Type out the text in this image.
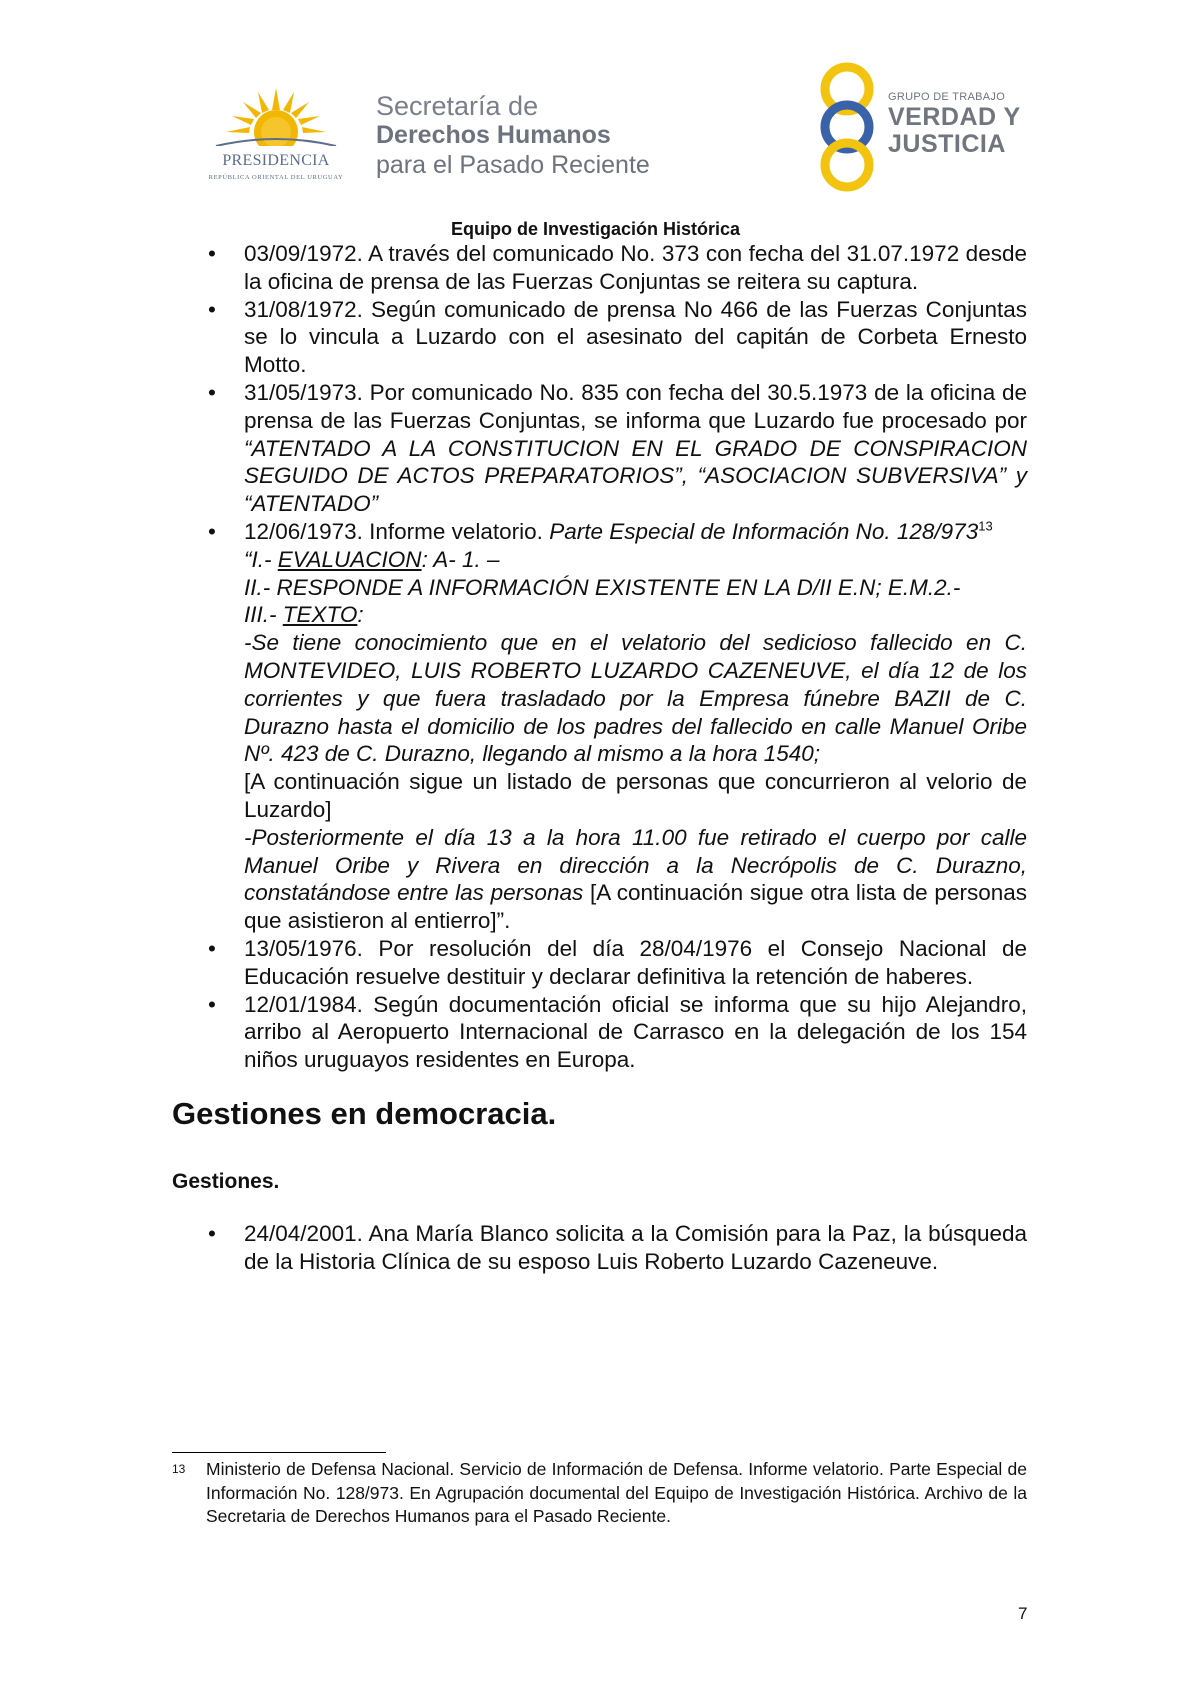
PRESIDENCIA
REPÚBLICA ORIENTAL DEL URUGUAY
Secretaría de
Derechos Humanos
para el Pasado Reciente
GRUPO DE TRABAJO
VERDAD Y
JUSTICIA
Equipo de Investigación Histórica
• 03/09/1972. A través del comunicado No. 373 con fecha del 31.07.1972 desde la oficina de prensa de las Fuerzas Conjuntas se reitera su captura.
• 31/08/1972. Según comunicado de prensa No 466 de las Fuerzas Conjuntas se lo vincula a Luzardo con el asesinato del capitán de Corbeta Ernesto Motto.
• 31/05/1973. Por comunicado No. 835 con fecha del 30.5.1973 de la oficina de prensa de las Fuerzas Conjuntas, se informa que Luzardo fue procesado por “ATENTADO A LA CONSTITUCION EN EL GRADO DE CONSPIRACION SEGUIDO DE ACTOS PREPARATORIOS”, “ASOCIACION SUBVERSIVA” y “ATENTADO”
• 12/06/1973. Informe velatorio. Parte Especial de Información No. $128/973^{13}$
“I.- EVALUACION: A- 1. –
II.- RESPONDE A INFORMACIÓN EXISTENTE EN LA D/II E.N; E.M.2.-
III.- TEXTO:
-Se tiene conocimiento que en el velatorio del sedicioso fallecido en C. MONTEVIDEO, LUIS ROBERTO LUZARDO CAZENEUVE, el día 12 de los corrientes y que fuera trasladado por la Empresa fúnebre BAZII de C. Durazno hasta el domicilio de los padres del fallecido en calle Manuel Oribe Nº. 423 de C. Durazno, llegando al mismo a la hora 1540;
[A continuación sigue un listado de personas que concurrieron al velorio de Luzardo]
-Posteriormente el día 13 a la hora 11.00 fue retirado el cuerpo por calle Manuel Oribe y Rivera en dirección a la Necrópolis de C. Durazno, constatándose entre las personas [A continuación sigue otra lista de personas que asistieron al entierro]”.
• 13/05/1976. Por resolución del día 28/04/1976 el Consejo Nacional de Educación resuelve destituir y declarar definitiva la retención de haberes.
• 12/01/1984. Según documentación oficial se informa que su hijo Alejandro, arribo al Aeropuerto Internacional de Carrasco en la delegación de los 154 niños uruguayos residentes en Europa.
Gestiones en democracia.
Gestiones.
• 24/04/2001. Ana María Blanco solicita a la Comisión para la Paz, la búsqueda de la Historia Clínica de su esposo Luis Roberto Luzardo Cazeneuve.
13 Ministerio de Defensa Nacional. Servicio de Información de Defensa. Informe velatorio. Parte Especial de Información No. 128/973. En Agrupación documental del Equipo de Investigación Histórica. Archivo de la Secretaria de Derechos Humanos para el Pasado Reciente.
7
